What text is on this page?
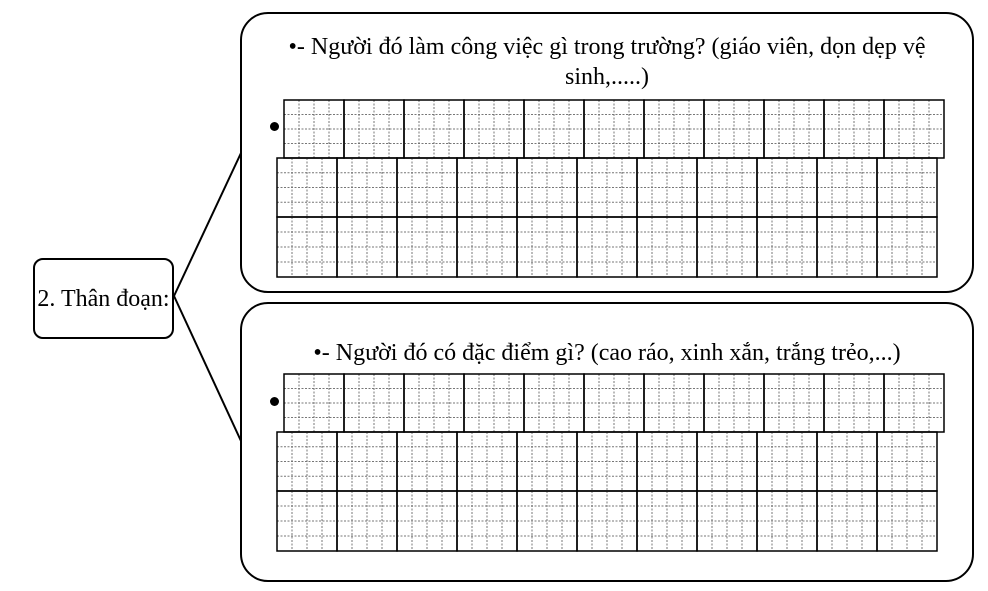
2. Thân đoạn:
•- Người đó làm công việc gì trong trường? (giáo viên, dọn dẹp vệ sinh,.....)
•- Người đó có đặc điểm gì? (cao ráo, xinh xắn, trắng trẻo,...)
